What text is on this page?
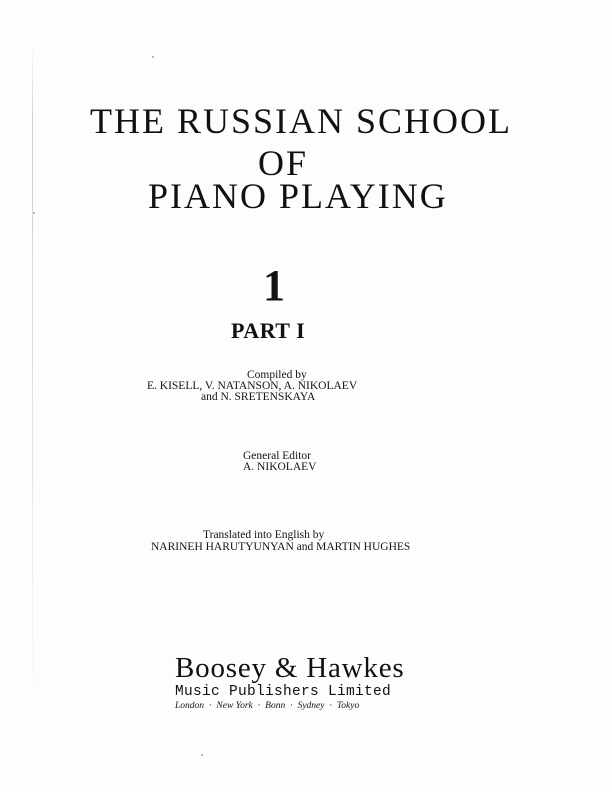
THE RUSSIAN SCHOOL
OF
PIANO PLAYING
1
PART I
Compiled by
E. KISELL, V. NATANSON, A. NIKOLAEV
and N. SRETENSKAYA
General Editor
A. NIKOLAEV
Translated into English by
NARINEH HARUTYUNYAN and MARTIN HUGHES
Boosey & Hawkes
Music Publishers Limited
London · New York · Bonn · Sydney · Tokyo
